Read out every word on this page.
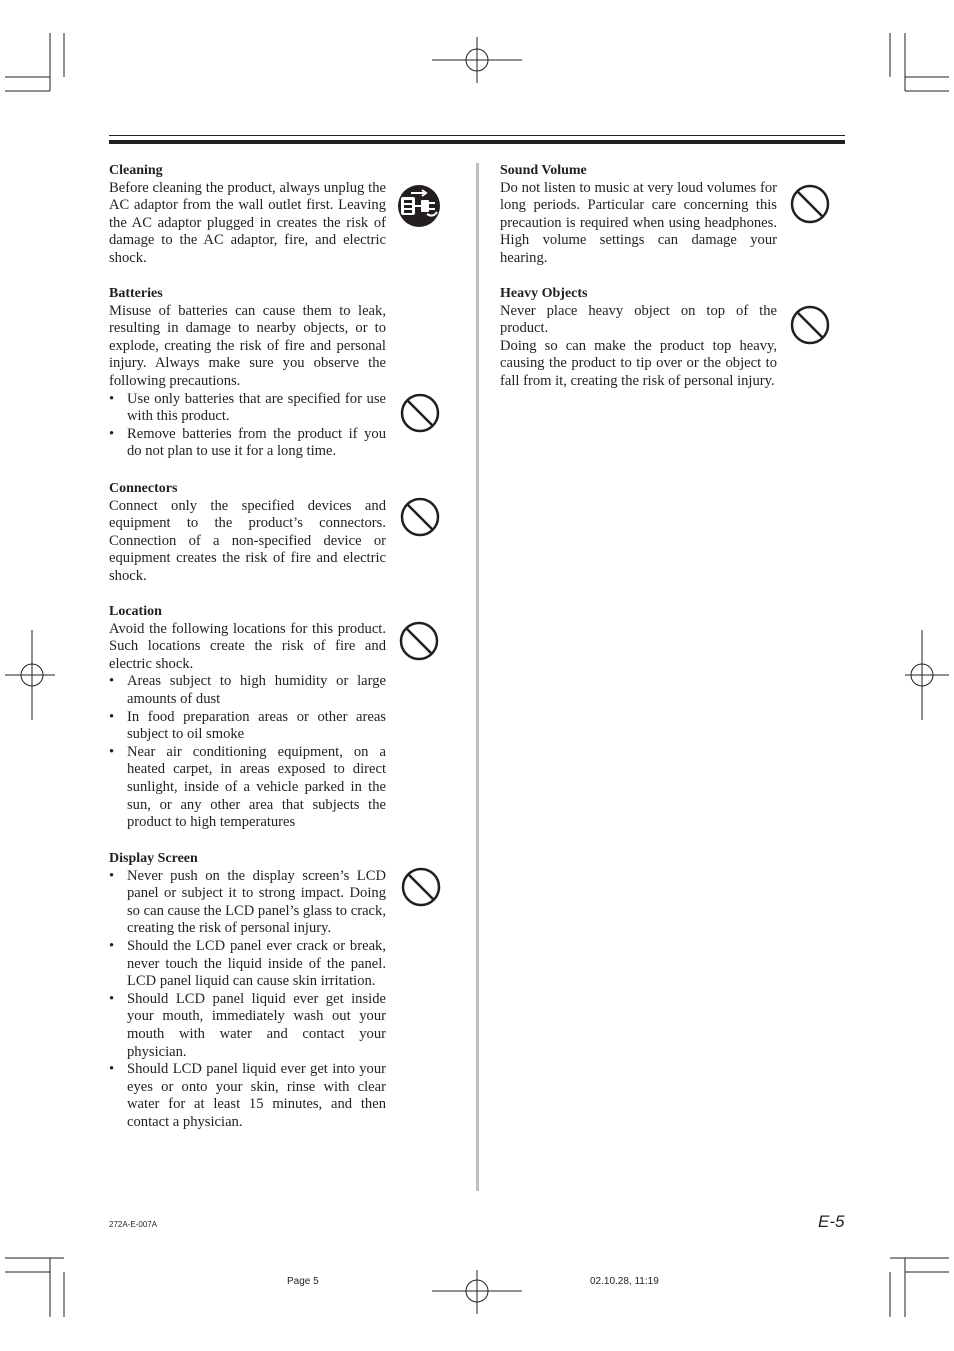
Cleaning

Before cleaning the product, always unplug the AC adaptor from the wall outlet first. Leaving the AC adaptor plugged in creates the risk of damage to the AC adaptor, fire, and electric shock.

Batteries

Misuse of batteries can cause them to leak, resulting in damage to nearby objects, or to explode, creating the risk of fire and personal injury. Always make sure you observe the following precautions.

• Use only batteries that are specified for use with this product.
• Remove batteries from the product if you do not plan to use it for a long time.

Connectors

Connect only the specified devices and equipment to the product’s connectors. Connection of a non-specified device or equipment creates the risk of fire and electric shock.

Location

Avoid the following locations for this product. Such locations create the risk of fire and electric shock.

• Areas subject to high humidity or large amounts of dust
• In food preparation areas or other areas subject to oil smoke
• Near air conditioning equipment, on a heated carpet, in areas exposed to direct sunlight, inside of a vehicle parked in the sun, or any other area that subjects the product to high temperatures

Display Screen

• Never push on the display screen’s LCD panel or subject it to strong impact. Doing so can cause the LCD panel’s glass to crack, creating the risk of personal injury.
• Should the LCD panel ever crack or break, never touch the liquid inside of the panel. LCD panel liquid can cause skin irritation.
• Should LCD panel liquid ever get inside your mouth, immediately wash out your mouth with water and contact your physician.
• Should LCD panel liquid ever get into your eyes or onto your skin, rinse with clear water for at least 15 minutes, and then contact a physician.

Sound Volume

Do not listen to music at very loud volumes for long periods. Particular care concerning this precaution is required when using headphones. High volume settings can damage your hearing.

Heavy Objects

Never place heavy object on top of the product.

Doing so can make the product top heavy, causing the product to tip over or the object to fall from it, creating the risk of personal injury.

272A-E-007A	E-5
Page 5	02.10.28, 11:19
